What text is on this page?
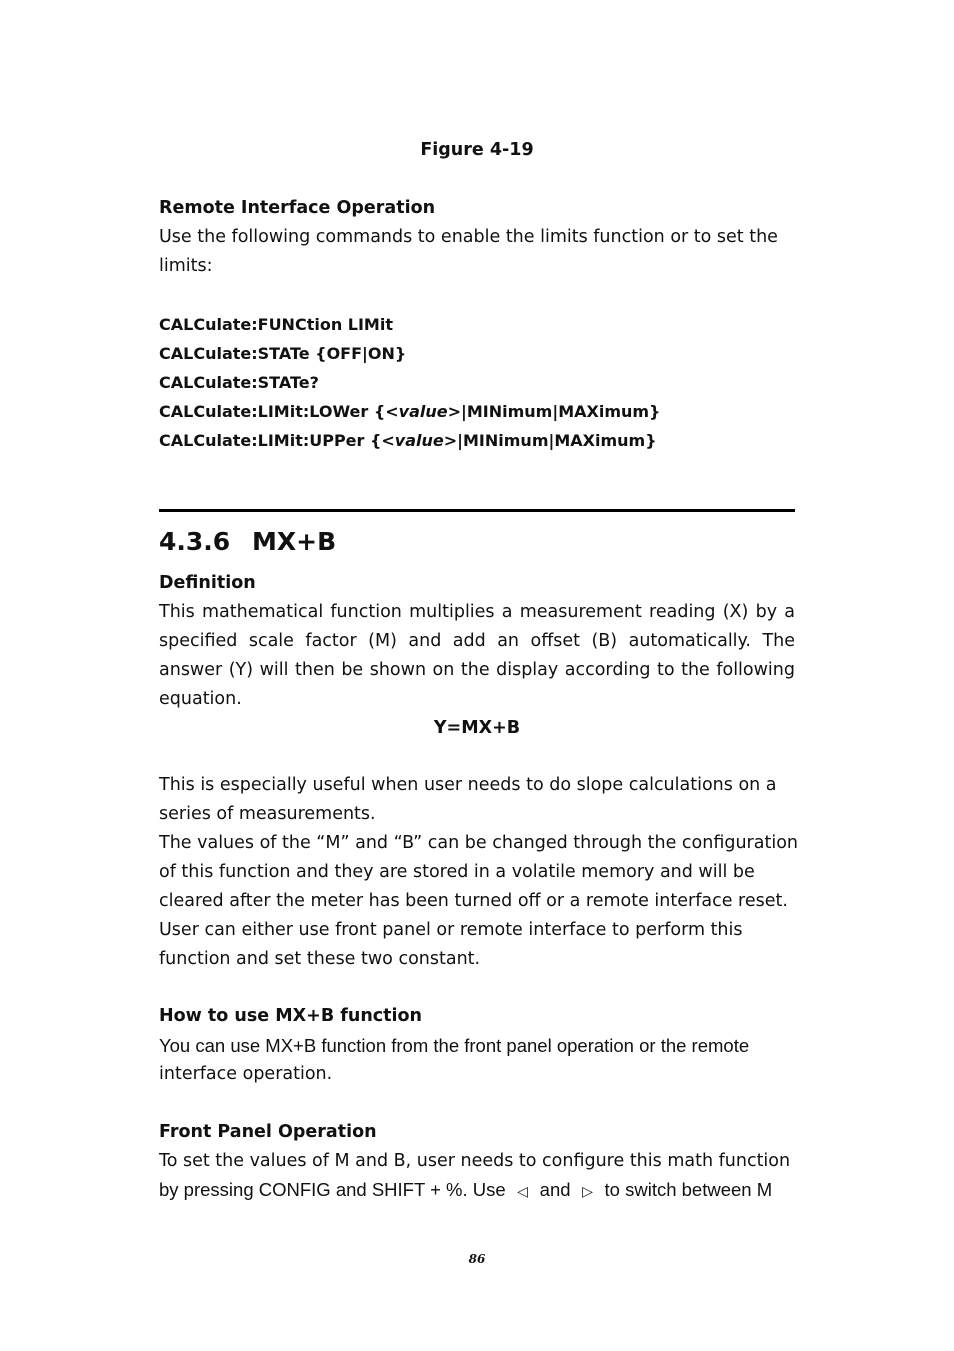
Figure 4-19
Remote Interface Operation
Use the following commands to enable the limits function or to set the
limits:
CALCulate:FUNCtion LIMit
CALCulate:STATe {OFF|ON}
CALCulate:STATe?
CALCulate:LIMit:LOWer {<value>|MINimum|MAXimum}
CALCulate:LIMit:UPPer {<value>|MINimum|MAXimum}
4.3.6 MX+B
Definition
This mathematical function multiplies a measurement reading (X) by a
specified scale factor (M) and add an offset (B) automatically. The
answer (Y) will then be shown on the display according to the following
equation.
Y=MX+B
This is especially useful when user needs to do slope calculations on a
series of measurements.
The values of the “M” and “B” can be changed through the configuration
of this function and they are stored in a volatile memory and will be
cleared after the meter has been turned off or a remote interface reset.
User can either use front panel or remote interface to perform this
function and set these two constant.
How to use MX+B function
You can use MX+B function from the front panel operation or the remote
interface operation.
Front Panel Operation
To set the values of M and B, user needs to configure this math function
by pressing CONFIG and SHIFT + %. Use ◁ and ▷ to switch between M
86
